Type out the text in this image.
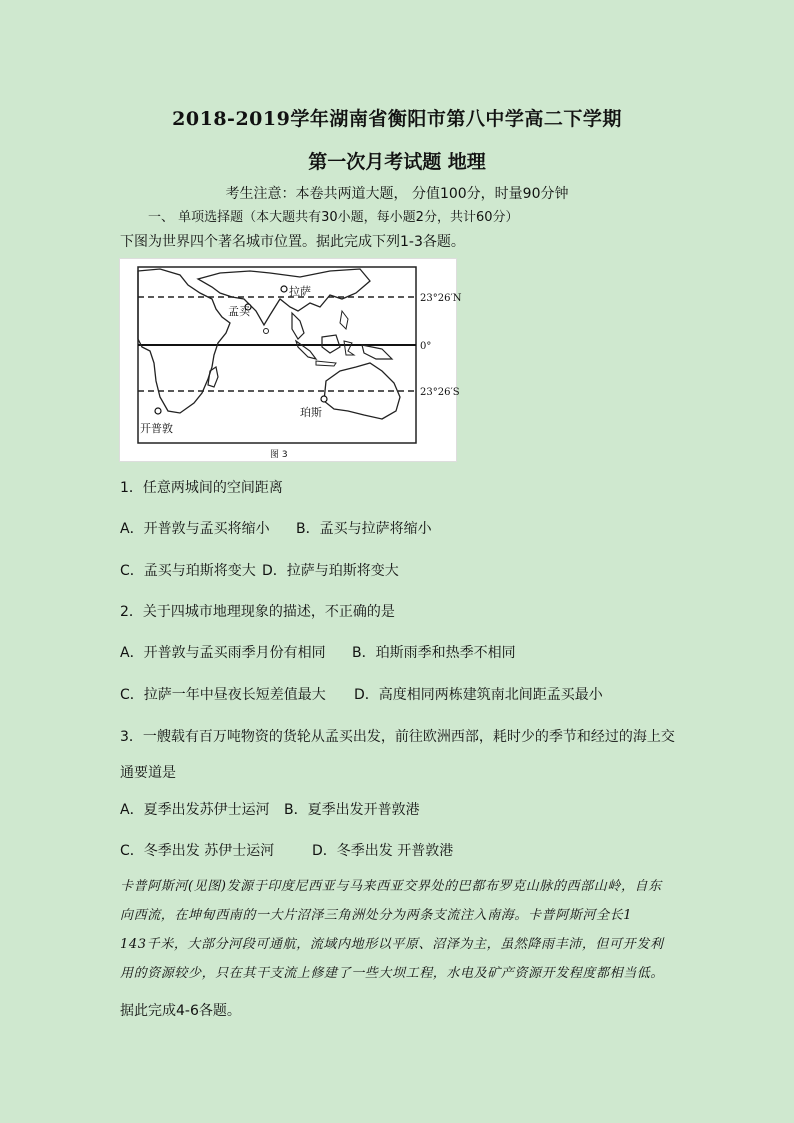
2018-2019学年湖南省衡阳市第八中学高二下学期
第一次月考试题 地理
考生注意：本卷共两道大题， 分值100分，时量90分钟
一、 单项选择题（本大题共有30小题，每小题2分，共计60分）
下图为世界四个著名城市位置。据此完成下列1-3各题。
拉萨
孟买
珀斯
开普敦
23°26′N
0°
23°26′S
图 3
1．任意两城间的空间距离
A．开普敦与孟买将缩小 B．孟买与拉萨将缩小
C．孟买与珀斯将变大 D．拉萨与珀斯将变大
2．关于四城市地理现象的描述，不正确的是
A．开普敦与孟买雨季月份有相同 B．珀斯雨季和热季不相同
C．拉萨一年中昼夜长短差值最大 D．高度相同两栋建筑南北间距孟买最小
3．一艘载有百万吨物资的货轮从孟买出发，前往欧洲西部，耗时少的季节和经过的海上交
通要道是
A．夏季出发苏伊士运河 B．夏季出发开普敦港
C．冬季出发 苏伊士运河	D．冬季出发 开普敦港
卡普阿斯河(见图)发源于印度尼西亚与马来西亚交界处的巴都布罗克山脉的西部山岭，自东
向西流，在坤甸西南的一大片沼泽三角洲处分为两条支流注入南海。卡普阿斯河全长1
143千米，大部分河段可通航，流域内地形以平原、沼泽为主，虽然降雨丰沛，但可开发利
用的资源较少，只在其干支流上修建了一些大坝工程，水电及矿产资源开发程度都相当低。
据此完成4-6各题。
